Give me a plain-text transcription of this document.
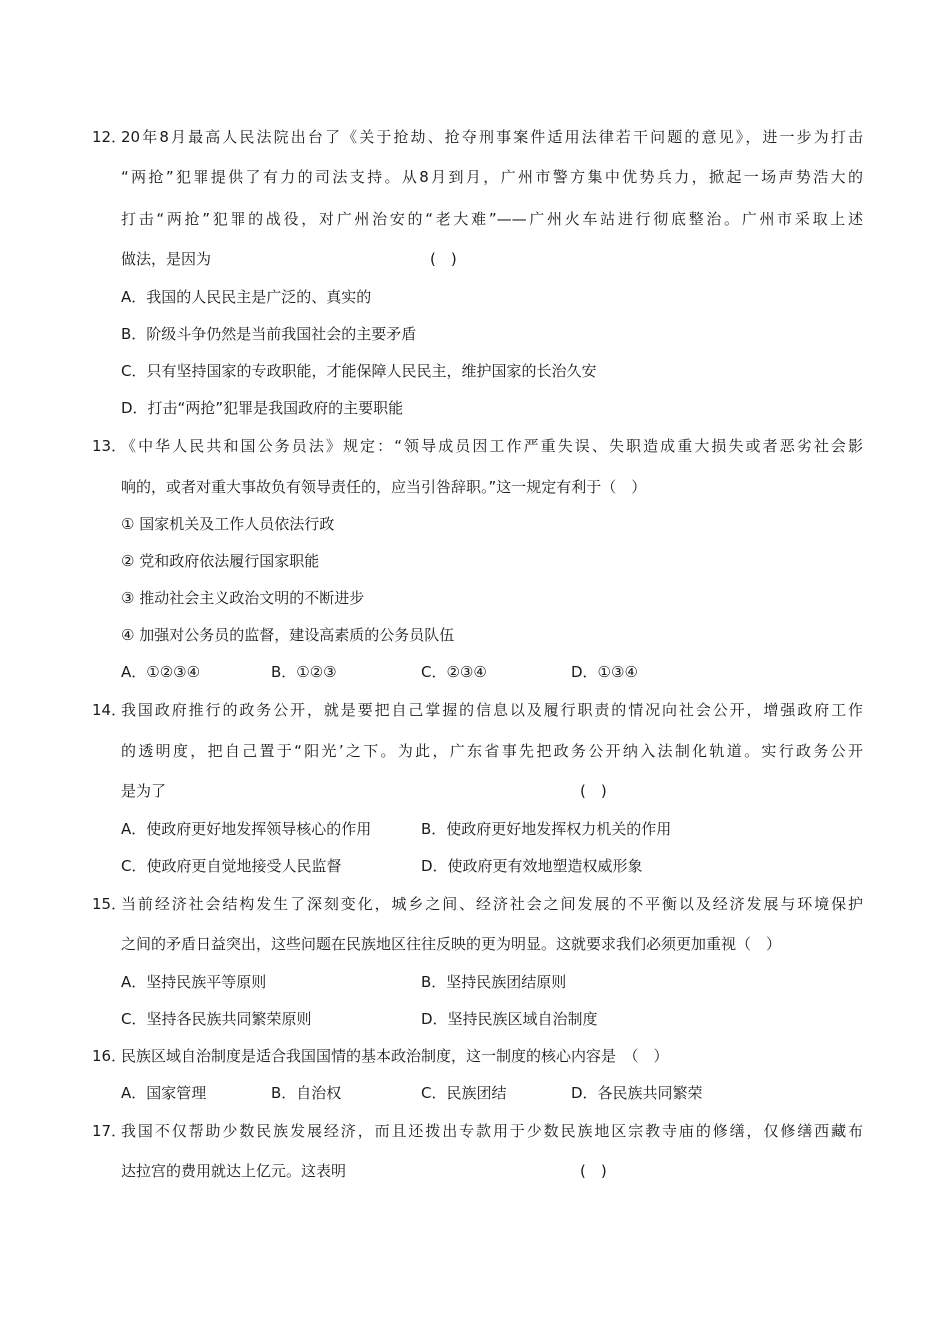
12．
20年8月最高人民法院出台了《关于抢劫、抢夺刑事案件适用法律若干问题的意见》，进一步为打击
“两抢”犯罪提供了有力的司法支持。从8月到月，广州市警方集中优势兵力，掀起一场声势浩大的
打击“两抢”犯罪的战役，对广州治安的“老大难”——广州火车站进行彻底整治。广州市采取上述
做法，是因为	(　)
A．我国的人民民主是广泛的、真实的
B．阶级斗争仍然是当前我国社会的主要矛盾
C．只有坚持国家的专政职能，才能保障人民民主，维护国家的长治久安
D．打击“两抢”犯罪是我国政府的主要职能
13．
《中华人民共和国公务员法》规定：“领导成员因工作严重失误、失职造成重大损失或者恶劣社会影
响的，或者对重大事故负有领导责任的，应当引咎辞职。”这一规定有利于（　）
① 国家机关及工作人员依法行政
② 党和政府依法履行国家职能
③ 推动社会主义政治文明的不断进步
④ 加强对公务员的监督，建设高素质的公务员队伍
A．①②③④	B．①②③	C．②③④	D．①③④
14．
我国政府推行的政务公开，就是要把自己掌握的信息以及履行职责的情况向社会公开，增强政府工作
的透明度，把自己置于“阳光’之下。为此，广东省事先把政务公开纳入法制化轨道。实行政务公开
是为了	(　)
A．使政府更好地发挥领导核心的作用	B．使政府更好地发挥权力机关的作用
C．使政府更自觉地接受人民监督	D．使政府更有效地塑造权威形象
15．
当前经济社会结构发生了深刻变化，城乡之间、经济社会之间发展的不平衡以及经济发展与环境保护
之间的矛盾日益突出，这些问题在民族地区往往反映的更为明显。这就要求我们必须更加重视（　）
A．坚持民族平等原则	B．坚持民族团结原则
C．坚持各民族共同繁荣原则	D．坚持民族区域自治制度
16．
民族区域自治制度是适合我国国情的基本政治制度，这一制度的核心内容是　（　）
A．国家管理	B．自治权	C．民族团结	D．各民族共同繁荣
17．
我国不仅帮助少数民族发展经济，而且还拨出专款用于少数民族地区宗教寺庙的修缮，仅修缮西藏布
达拉宫的费用就达上亿元。这表明	(　)
